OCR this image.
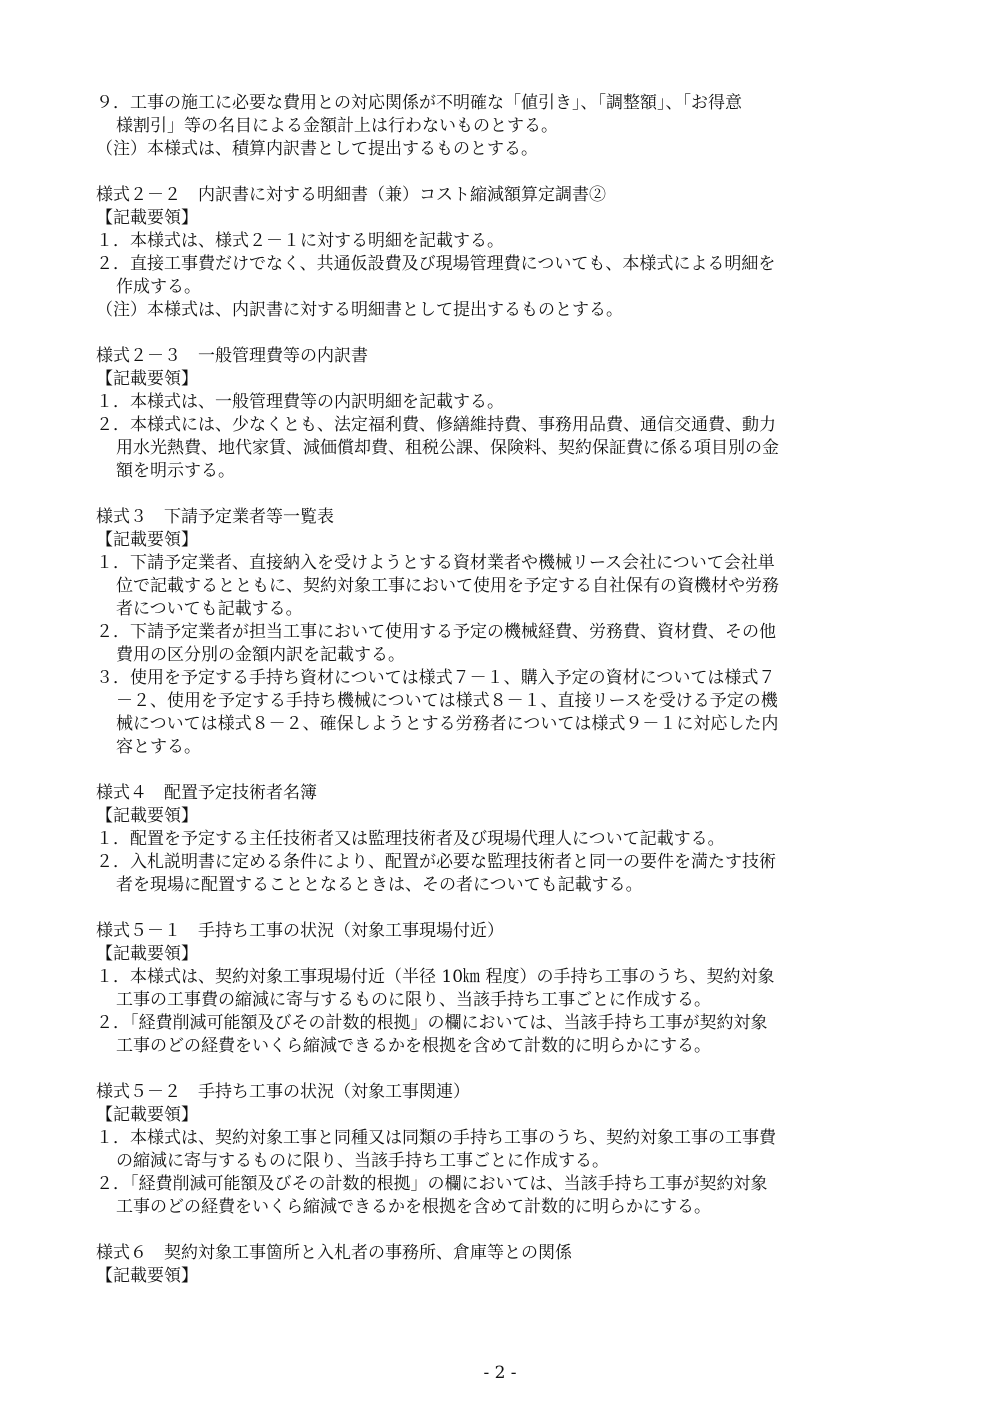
９．工事の施工に必要な費用との対応関係が不明確な「値引き」、「調整額」、「お得意
様割引」等の名目による金額計上は行わないものとする。
（注）本様式は、積算内訳書として提出するものとする。
様式２－２　内訳書に対する明細書（兼）コスト縮減額算定調書②
【記載要領】
１．本様式は、様式２－１に対する明細を記載する。
２．直接工事費だけでなく、共通仮設費及び現場管理費についても、本様式による明細を
作成する。
（注）本様式は、内訳書に対する明細書として提出するものとする。
様式２－３　一般管理費等の内訳書
【記載要領】
１．本様式は、一般管理費等の内訳明細を記載する。
２．本様式には、少なくとも、法定福利費、修繕維持費、事務用品費、通信交通費、動力
用水光熱費、地代家賃、減価償却費、租税公課、保険料、契約保証費に係る項目別の金
額を明示する。
様式３　下請予定業者等一覧表
【記載要領】
１．下請予定業者、直接納入を受けようとする資材業者や機械リース会社について会社単
位で記載するとともに、契約対象工事において使用を予定する自社保有の資機材や労務
者についても記載する。
２．下請予定業者が担当工事において使用する予定の機械経費、労務費、資材費、その他
費用の区分別の金額内訳を記載する。
３．使用を予定する手持ち資材については様式７－１、購入予定の資材については様式７
－２、使用を予定する手持ち機械については様式８－１、直接リースを受ける予定の機
械については様式８－２、確保しようとする労務者については様式９－１に対応した内
容とする。
様式４　配置予定技術者名簿
【記載要領】
１．配置を予定する主任技術者又は監理技術者及び現場代理人について記載する。
２．入札説明書に定める条件により、配置が必要な監理技術者と同一の要件を満たす技術
者を現場に配置することとなるときは、その者についても記載する。
様式５－１　手持ち工事の状況（対象工事現場付近）
【記載要領】
１．本様式は、契約対象工事現場付近（半径 10㎞ 程度）の手持ち工事のうち、契約対象
工事の工事費の縮減に寄与するものに限り、当該手持ち工事ごとに作成する。
２．「経費削減可能額及びその計数的根拠」の欄においては、当該手持ち工事が契約対象
工事のどの経費をいくら縮減できるかを根拠を含めて計数的に明らかにする。
様式５－２　手持ち工事の状況（対象工事関連）
【記載要領】
１．本様式は、契約対象工事と同種又は同類の手持ち工事のうち、契約対象工事の工事費
の縮減に寄与するものに限り、当該手持ち工事ごとに作成する。
２．「経費削減可能額及びその計数的根拠」の欄においては、当該手持ち工事が契約対象
工事のどの経費をいくら縮減できるかを根拠を含めて計数的に明らかにする。
様式６　契約対象工事箇所と入札者の事務所、倉庫等との関係
【記載要領】
- 2 -
